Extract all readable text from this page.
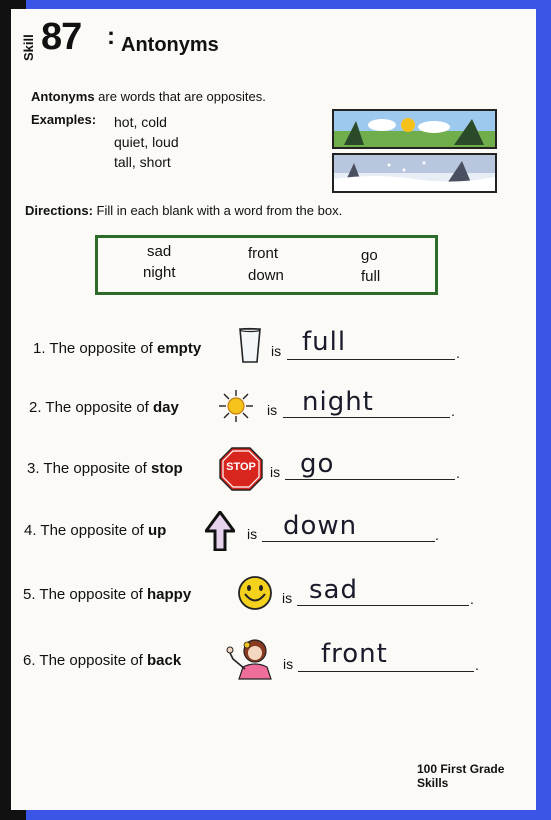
Skill 87 : Antonyms
Antonyms are words that are opposites.
Examples: hot, cold
quiet, loud
tall, short
Directions: Fill in each blank with a word from the box.
sad	front	go
night	down	full
1. The opposite of empty	is full	.
2. The opposite of day	is night	.
3. The opposite of stop	STOP	is go	.
4. The opposite of up	is down	.
5. The opposite of happy	is sad	.
6. The opposite of back	is front	.
100 First Grade Skills
